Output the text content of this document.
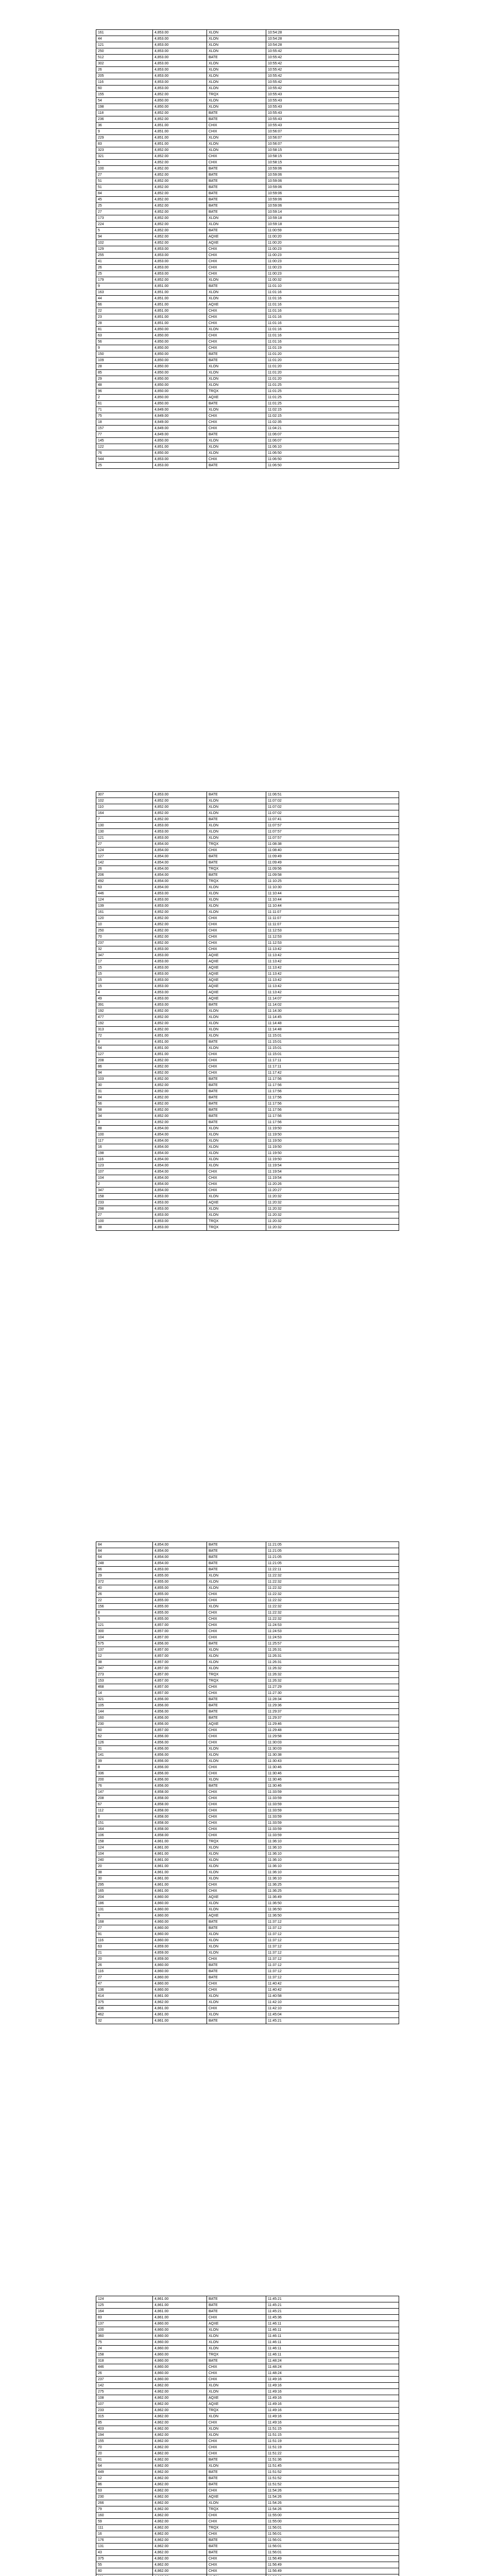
161	4,853.00	XLON	10:54:28
44	4,853.00	XLON	10:54:28
121	4,853.00	XLON	10:54:28
250	4,853.00	XLON	10:55:42
512	4,853.00	BATE	10:55:42
302	4,853.00	XLON	10:55:42
26	4,853.00	XLON	10:55:42
205	4,853.00	XLON	10:55:42
116	4,853.00	XLON	10:55:42
60	4,853.00	XLON	10:55:42
155	4,852.00	TRQX	10:55:43
54	4,850.00	XLON	10:55:43
198	4,850.00	XLON	10:55:43
118	4,852.00	BATE	10:55:43
236	4,852.00	BATE	10:55:43
36	4,851.00	CHIX	10:55:43
9	4,851.00	CHIX	10:56:07
229	4,851.00	XLON	10:56:07
83	4,851.00	XLON	10:56:07
323	4,852.00	XLON	10:58:15
321	4,852.00	CHIX	10:58:15
5	4,852.00	CHIX	10:58:15
100	4,852.00	BATE	10:59:06
27	4,852.00	BATE	10:59:06
51	4,852.00	BATE	10:59:06
51	4,852.00	BATE	10:59:06
84	4,852.00	BATE	10:59:06
45	4,852.00	BATE	10:59:06
25	4,852.00	BATE	10:59:06
27	4,852.00	BATE	10:59:14
173	4,852.00	XLON	10:59:18
224	4,852.00	XLON	10:59:18
5	4,852.00	BATE	11:00:59
94	4,852.00	AQXE	11:00:20
102	4,852.00	AQXE	11:00:20
129	4,853.00	CHIX	11:00:23
255	4,853.00	CHIX	11:00:23
41	4,853.00	CHIX	11:00:23
26	4,853.00	CHIX	11:00:23
25	4,853.00	CHIX	11:00:23
179	4,852.00	XLON	11:00:32
9	4,851.00	BATE	11:01:10
163	4,851.00	XLON	11:01:16
44	4,851.00	XLON	11:01:16
66	4,851.00	AQXE	11:01:16
22	4,851.00	CHIX	11:01:16
23	4,851.00	CHIX	11:01:16
28	4,851.00	CHIX	11:01:16
81	4,850.00	XLON	11:01:16
63	4,850.00	CHIX	11:01:16
56	4,850.00	CHIX	11:01:16
9	4,850.00	CHIX	11:01:19
150	4,850.00	BATE	11:01:20
109	4,850.00	BATE	11:01:20
28	4,850.00	XLON	11:01:20
85	4,850.00	XLON	11:01:20
29	4,850.00	XLON	11:01:20
48	4,850.00	XLON	11:01:25
96	4,850.00	TRQX	11:01:25
2	4,850.00	AQXE	11:01:25
61	4,850.00	BATE	11:01:25
71	4,849.00	XLON	11:02:15
75	4,849.00	CHIX	11:02:15
18	4,849.00	CHIX	11:02:35
157	4,849.00	CHIX	11:04:21
77	4,849.00	BATE	11:06:07
145	4,850.00	XLON	11:06:07
122	4,851.00	XLON	11:06:10
76	4,850.00	XLON	11:06:50
544	4,853.00	CHIX	11:06:50
25	4,853.00	BATE	11:06:50
307	4,853.00	BATE	11:06:51
102	4,852.00	XLON	11:07:02
110	4,852.00	XLON	11:07:02
164	4,852.00	XLON	11:07:02
7	4,852.00	BATE	11:07:41
130	4,853.00	XLON	11:07:57
130	4,853.00	XLON	11:07:57
121	4,853.00	XLON	11:07:57
27	4,854.00	TRQX	11:08:38
124	4,854.00	CHIX	11:08:40
127	4,854.00	BATE	11:09:49
142	4,854.00	BATE	11:09:49
26	4,854.00	TRQX	11:09:56
206	4,854.00	BATE	11:09:58
492	4,854.00	TRQX	11:10:25
63	4,854.00	XLON	11:10:30
446	4,853.00	XLON	11:10:44
124	4,853.00	XLON	11:10:44
139	4,853.00	XLON	11:10:44
161	4,852.00	XLON	11:11:07
120	4,852.00	CHIX	11:11:07
10	4,852.00	CHIX	11:11:07
250	4,852.00	CHIX	11:12:53
70	4,852.00	CHIX	11:12:53
237	4,852.00	CHIX	11:12:53
32	4,853.00	CHIX	11:13:42
347	4,853.00	AQXE	11:13:42
17	4,853.00	AQXE	11:13:42
15	4,853.00	AQXE	11:13:42
15	4,853.00	AQXE	11:13:42
15	4,853.00	AQXE	11:13:42
15	4,853.00	AQXE	11:13:42
4	4,853.00	AQXE	11:13:42
49	4,853.00	AQXE	11:14:07
391	4,853.00	BATE	11:14:02
192	4,852.00	XLON	11:14:30
477	4,852.00	XLON	11:14:45
192	4,852.00	XLON	11:14:48
313	4,852.00	XLON	11:14:48
72	4,851.00	XLON	11:15:01
8	4,851.00	BATE	11:15:01
64	4,851.00	XLON	11:15:01
127	4,851.00	CHIX	11:15:01
208	4,852.00	CHIX	11:17:11
86	4,852.00	CHIX	11:17:11
94	4,852.00	CHIX	11:17:42
103	4,852.00	BATE	11:17:56
30	4,852.00	BATE	11:17:56
31	4,852.00	BATE	11:17:56
84	4,852.00	BATE	11:17:56
56	4,852.00	BATE	11:17:56
58	4,852.00	BATE	11:17:56
34	4,852.00	BATE	11:17:56
3	4,852.00	BATE	11:17:56
88	4,854.00	XLON	11:19:50
100	4,854.00	XLON	11:19:50
117	4,854.00	XLON	11:19:50
16	4,854.00	XLON	11:19:50
198	4,854.00	XLON	11:19:50
116	4,854.00	XLON	11:19:50
123	4,854.00	XLON	11:19:54
107	4,854.00	CHIX	11:19:54
104	4,854.00	CHIX	11:19:54
2	4,854.00	CHIX	11:20:26
347	4,854.00	CHIX	11:20:27
158	4,853.00	XLON	11:20:32
233	4,853.00	AQXE	11:20:32
298	4,853.00	XLON	11:20:32
27	4,853.00	XLON	11:20:32
100	4,853.00	TRQX	11:20:32
38	4,853.00	TRQX	11:20:32
84	4,854.00	BATE	11:21:05
84	4,854.00	BATE	11:21:05
64	4,854.00	BATE	11:21:05
248	4,854.00	BATE	11:21:05
66	4,853.00	BATE	11:22:11
29	4,855.00	XLON	11:22:32
372	4,855.00	XLON	11:22:32
40	4,855.00	XLON	11:22:32
26	4,855.00	CHIX	11:22:32
22	4,855.00	CHIX	11:22:32
156	4,855.00	XLON	11:22:32
8	4,855.00	CHIX	11:22:32
5	4,855.00	CHIX	11:22:32
121	4,857.00	CHIX	11:24:53
300	4,857.00	CHIX	11:24:53
104	4,857.00	CHIX	11:24:53
575	4,856.00	BATE	11:25:57
137	4,857.00	XLON	11:26:31
12	4,857.00	XLON	11:26:31
38	4,857.00	XLON	11:26:31
347	4,857.00	XLON	11:26:32
273	4,857.00	TRQX	11:26:32
153	4,857.00	TRQX	11:26:32
468	4,857.00	CHIX	11:27:29
14	4,857.00	CHIX	11:27:30
321	4,856.00	BATE	11:28:34
105	4,856.00	BATE	11:29:36
144	4,856.00	BATE	11:29:37
160	4,856.00	BATE	11:29:37
230	4,856.00	AQXE	11:29:46
60	4,857.00	CHIX	11:29:48
62	4,856.00	CHIX	11:29:58
126	4,856.00	CHIX	11:30:03
31	4,856.00	XLON	11:30:03
141	4,856.00	XLON	11:30:38
39	4,856.00	XLON	11:30:43
8	4,856.00	CHIX	11:30:46
336	4,856.00	CHIX	11:30:46
200	4,856.00	XLON	11:30:46
76	4,856.00	BATE	11:30:46
147	4,858.00	CHIX	11:33:59
208	4,858.00	CHIX	11:33:59
67	4,858.00	CHIX	11:33:59
112	4,858.00	CHIX	11:33:59
8	4,858.00	CHIX	11:33:59
151	4,858.00	CHIX	11:33:59
164	4,858.00	CHIX	11:33:59
106	4,858.00	CHIX	11:33:59
158	4,861.00	TRQX	11:36:10
124	4,861.00	XLON	11:36:10
104	4,861.00	XLON	11:36:10
240	4,861.00	XLON	11:36:10
20	4,861.00	XLON	11:36:10
38	4,861.00	XLON	11:36:10
30	4,861.00	XLON	11:36:10
295	4,861.00	CHIX	11:36:25
165	4,861.00	CHIX	11:36:25
204	4,860.00	AQXE	11:36:49
186	4,860.00	XLON	11:36:50
131	4,860.00	XLON	11:36:50
6	4,860.00	AQXE	11:36:50
168	4,860.00	BATE	11:37:12
27	4,860.00	BATE	11:37:12
91	4,860.00	XLON	11:37:12
116	4,860.00	XLON	11:37:12
63	4,859.00	XLON	11:37:12
21	4,859.00	XLON	11:37:12
20	4,859.00	CHIX	11:37:12
26	4,860.00	BATE	11:37:12
116	4,860.00	BATE	11:37:12
27	4,860.00	BATE	11:37:12
47	4,860.00	CHIX	11:40:42
136	4,860.00	CHIX	11:40:42
414	4,861.00	XLON	11:40:58
375	4,862.00	XLON	11:42:10
436	4,861.00	CHIX	11:42:10
462	4,861.00	XLON	11:45:04
32	4,861.00	BATE	11:45:21
124	4,861.00	BATE	11:45:21
125	4,861.00	BATE	11:45:21
164	4,861.00	BATE	11:45:21
83	4,861.00	CHIX	11:45:36
137	4,860.00	AQXE	11:46:11
100	4,860.00	XLON	11:46:11
360	4,860.00	XLON	11:46:11
75	4,860.00	XLON	11:46:11
24	4,860.00	XLON	11:46:11
158	4,860.00	TRQX	11:46:11
318	4,860.00	BATE	11:48:24
446	4,860.00	CHIX	11:48:24
26	4,860.00	CHIX	11:48:24
237	4,860.00	CHIX	11:49:16
142	4,862.00	XLON	11:49:16
275	4,862.00	XLON	11:49:16
108	4,862.00	AQXE	11:49:16
107	4,862.00	AQXE	11:49:16
233	4,862.00	TRQX	11:49:16
315	4,862.00	XLON	11:49:16
85	4,862.00	CHIX	11:49:16
403	4,862.00	XLON	11:51:15
194	4,862.00	XLON	11:51:15
155	4,862.00	CHIX	11:51:19
70	4,862.00	CHIX	11:51:19
20	4,862.00	CHIX	11:51:22
61	4,862.00	BATE	11:51:36
64	4,862.00	XLON	11:51:45
449	4,862.00	BATE	11:51:52
12	4,862.00	BATE	11:51:52
86	4,862.00	BATE	11:51:52
63	4,862.00	CHIX	11:54:26
230	4,862.00	AQXE	11:54:26
266	4,862.00	XLON	11:54:26
79	4,862.00	TRQX	11:54:26
160	4,862.00	CHIX	11:55:00
59	4,862.00	CHIX	11:55:00
111	4,862.00	TRQX	11:56:01
16	4,862.00	CHIX	11:56:01
176	4,862.00	BATE	11:56:01
131	4,862.00	BATE	11:56:01
43	4,862.00	BATE	11:56:01
375	4,862.00	CHIX	11:56:49
55	4,862.00	CHIX	11:56:49
80	4,862.00	CHIX	11:56:49
